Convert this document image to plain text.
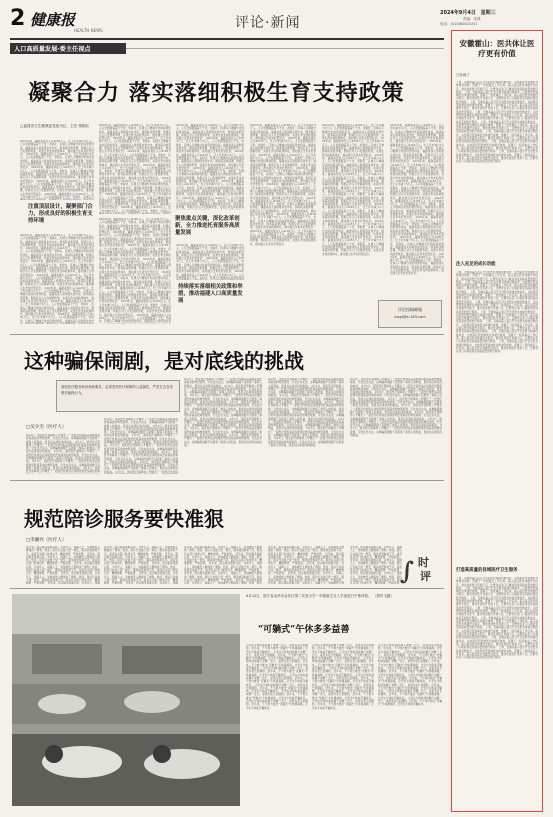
2 健康报
HEALTH NEWS	评论·新闻
2024年9月4日 星期三
责编：宋燕
电话：(010)64621311
人口高质量发展·委主任视点
凝聚合力 落实落细积极生育支持政策
□福建省卫生健康委党组书记、主任 胡娟红
2023年来，福建省常住人口4183万人，比上年末减少5万人。人口发展面临着少子化、老龄化、区域人口增减分化的趋势性特征。福建省深入贯彻落实党中央、国务院决策部署，积极应对人口发展新形势，完善生育支持政策体系，推动建立生育友好型社会。 2023年来，福建省常住人口4183万人，比上年末减少5万人。人口发展面临着少子化、老龄化、区域人口增减分化的趋势性特征。福建省深入贯彻落实党中央、国务院决策部署，积极应对人口发展新形势，完善生育支持政策体系，推动建立生育友好型社会。 2023年来，福建省常住人口4183万人，比上年末减少5万人。人口发展面临着少子化、老龄化、区域人口增减分化的趋势性特征。福建省深入贯彻落实党中央、国务院决策部署，积极应对人口发展新形势，完善生育支持政策体系，推动建立生育友好型社会。 2023年来，福建省常住人口4183万人，比上年末减少5万人。人口发展面临着少子化、老龄化、区域人口增减分化的趋势性特征。福建省深入贯彻落实党中央、国务院决策部署，积极应对人口发展新形势，完善生育支持政策体系，推动建立生育友好型社会。 2023年来，福建省常住人口4183万人，比上年末减少5万人。人口发展面临着少子化、老龄化、区域人口
注重顶层设计，凝聚部门合力，形成良好的积极生育支持环境
2023年来，福建省常住人口4183万人，比上年末减少5万人。人口发展面临着少子化、老龄化、区域人口增减分化的趋势性特征。福建省深入贯彻落实党中央、国务院决策部署，积极应对人口发展新形势，完善生育支持政策体系，推动建立生育友好型社会。 2023年来，福建省常住人口4183万人，比上年末减少5万人。人口发展面临着少子化、老龄化、区域人口增减分化的趋势性特征。福建省深入贯彻落实党中央、国务院决策部署，积极应对人口发展新形势，完善生育支持政策体系，推动建立生育友好型社会。 2023年来，福建省常住人口4183万人，比上年末减少5万人。人口发展面临着少子化、老龄化、区域人口增减分化的趋势性特征。福建省深入贯彻落实党中央、国务院决策部署，积极应对人口发展新形势，完善生育支持政策体系，推动建立生育友好型社会。 2023年来，福建省常住人口4183万人，比上年末减少5万人。人口发展面临着少子化、老龄化、区域人口增减分化的趋势性特征。福建省深入贯彻落实党中央、国务院决策部署，积极应对人口发展新形势，完善生育支持政策体系，推动建立生育友好型社会。 2023年来，福建省常住人口4183万人，比上年末减少5万人。人口发展面临着少子化、老龄化、区域人口增减分化的趋势性特征。福建省深入贯彻落实党中央、国务院决策部署，积极应对人口发展新形势，完善生育支持政策体系，推动建立生育友好型社会。 2023年来，福建省常住人口4183万人，比上年末减少5万人。人口发展面临着少子化、老龄化、区域人口增减分化的趋势性特征。福建省深入贯彻落实党中央、国务院决策部署，积极应对人口发展新形势，完善生育支持政策体系，推动建立生育友好型社会。 2023年来，福建省常住人口4183万人，比上年末减少5万人。人口发展面临着少子化、老龄化、区域人口增减分化的趋势性特征。福建省深入贯彻落实党中
2023年来，福建省常住人口4183万人，比上年末减少5万人。人口发展面临着少子化、老龄化、区域人口增减分化的趋势性特征。福建省深入贯彻落实党中央、国务院决策部署，积极应对人口发展新形势，完善生育支持政策体系，推动建立生育友好型社会。 2023年来，福建省常住人口4183万人，比上年末减少5万人。人口发展面临着少子化、老龄化、区域人口增减分化的趋势性特征。福建省深入贯彻落实党中央、国务院决策部署，积极应对人口发展新形势，完善生育支持政策体系，推动建立生育友好型社会。 2023年来，福建省常住人口4183万人，比上年末减少5万人。人口发展面临着少子化、老龄化、区域人口增减分化的趋势性特征。福建省深入贯彻落实党中央、国务院决策部署，积极应对人口发展新形势，完善生育支持政策体系，推动建立生育友好型社会。 2023年来，福建省常住人口4183万人，比上年末减少5万人。人口发展面临着少子化、老龄化、区域人口增减分化的趋势性特征。福建省深入贯彻落实党中央、国务院决策部署，积极应对人口发展新形势，完善生育支持政策体系，推动建立生育友好型社会。 2023年来，福建省常住人口4183万人，比上年末减少5万人。人口发展面临着少子化、老龄化、区域人口增减分化的趋势性特征。福建省深入贯彻落实党中央、国务院决策部署，积极应对人口发展新形势，完善生育支持政策体系，推动建立生育友好型社会。 2023年来，福建省常住人口4183万人，比上年末减少5万人。人口发展面临着少子化、老龄化、区域人口增减分化的趋势性特征。福建省深入贯彻落实党中央、国务院决策部署，积极应对人口发展新形势，完善生育支持政策体系，推动建立生育友好型社会。 2023年来，福建省常住人口4183万人，比上年末减少5万人。人口发展面临着少子化、老龄化、区域人口
聚焦重点关键，深化改革创新，全力推进托育服务高质量发展
2023年来，福建省常住人口4183万人，比上年末减少5万人。人口发展面临着少子化、老龄化、区域人口增减分化的趋势性特征。福建省深入贯彻落实党中央、国务院决策部署，积极应对人口发展新形势，完善生育支持政策体系，推动建立生育友好型社会。 2023年来，福建省常住人口4183万人，比上年末减少5万人。人口发展面临着少子化、老龄化、区域人口增减分化的趋势性特征。福建省深入贯彻落实党中央、国务院决策部署，积极应对人口发展新形势，完善生育支持政策体系，推动建立生育友好型社会。 2023年来，福建省常住人口4183万人，比上年末减少5万人。人口发展面临着少子化、老龄化、区域人口增减分化的趋势性特征。福建省深入贯彻落实党中央、国务院决策部署，积极应对人口发展新形势，完善生育支持政策体系，推动建立生育友好型社会。 2023年来，福建省常住人口4183万人，比上年末减少5万人。人口发展面临着少子化、老龄化、区域人口增减分化的趋势性特征。福建省深入贯彻落实党中央、国务院决策部署，积极应对人口发展新形势，完善生育支持政策体系，推动建立生育友好型社会。 2023年来，福建省常住人口4183万人，比上年末减少5万人。人口发展面临着少子化、老龄化、区域人口增减分化的趋势性特征。福建省深入贯彻落实党中央、国务院决策部署，积极应对人口发展新形势，完善生育支持政策体系，推动建立生育友好型社会。 2023年来，福建省常住人口4183万人，比上年末减少5万人。人口发展面临着少子化、老龄化、区域人口增减分化的趋势性特征。福建省深入贯彻落实党中央、国务院决策部署，积极应对人口发展新形势，完善生育支持政策体系，推动建立生育友好型社会。 2023年来，福建省常住人口4183万人，比上年末减少5万人。人口发展面临着少子化、老龄化、区域人口增减分化的趋势性特征。福建省深入贯彻落实党中央、国务院决策部署，积极应对人口发展新形势，完善生育支持政策体系，推动建立生育友好型社会。 2023年来，福建省常住人口4183万人，比上年末减少5万人。人口发展面临着少子化、老龄化、区域人口增减分化的趋势性特征。福建省深入贯彻落实党
2023年来，福建省常住人口4183万人，比上年末减少5万人。人口发展面临着少子化、老龄化、区域人口增减分化的趋势性特征。福建省深入贯彻落实党中央、国务院决策部署，积极应对人口发展新形势，完善生育支持政策体系，推动建立生育友好型社会。 2023年来，福建省常住人口4183万人，比上年末减少5万人。人口发展面临着少子化、老龄化、区域人口增减分化的趋势性特征。福建省深入贯彻落实党中央、国务院决策部署，积极应对人口发展新形势，完善生育支持政策体系，推动建立生育友好型社会。 2023年来，福建省常住人口4183万人，比上年末减少5万人。人口发展面临着少子化、老龄化、区域人口增减分化的趋势性特征。福建省深入贯彻落实党中央、国务院决策部署，积极应对人口发展新形势，完善生育支持政策体系，推动建立生育友好型社会。 2023年来，福建省常住人口4183万人，比上年末减少5万人。人口发展面临着少子化、老龄化、区域人口增减分化的趋势性特征。福建省深入贯彻落实党中央、国务院决策部署，积极应对人口发展新形势，完善生育支持政策体系，推动建立生育友好型社会。 2023年来，福建省常住人口4183万人，比上年末减少5万人。人口发展面临着少子化、老龄化、区域人口增减分化的趋势性特征。福建省深入贯彻落实党中央、国务院决策部署，积极应对人口发展新形势，完善生育支持政策体系，推动建立生育友好型社会。 2023年来，福建省常住人口4183万人，比上年末减少5万人。人口发展面临着少子化、老龄化、区域人口增减分化的趋势性特征。福建省深入贯彻落实党中央、国务院决策部署，积极应对人口发展新形势，完善生育支持政策体
持续落实落细相关政策和举措，推动福建人口高质量发展
2023年来，福建省常住人口4183万人，比上年末减少5万人。人口发展面临着少子化、老龄化、区域人口增减分化的趋势性特征。福建省深入贯彻落实党中央、国务院决策部署，积极应对人口发展新形势，完善生育支持政策体系，推动建立生育友好型社会。 2023年来，福建省常住人口4183万人，比上年末减少5万人。人口发展面临着少子化、老龄化、区域人口增减分化的趋势性特征。福建省深入贯彻落实党中央、国务院决策部署，积极应对人口发展新形势，完善生育支持政策体系，推动建立生育友好型社会。 2023年来，福建省常住人口4183万人，比上年末减少5万人。人口发展面临着少子化、老龄化、区域人口增减分化的趋势性特
2023年来，福建省常住人口4183万人，比上年末减少5万人。人口发展面临着少子化、老龄化、区域人口增减分化的趋势性特征。福建省深入贯彻落实党中央、国务院决策部署，积极应对人口发展新形势，完善生育支持政策体系，推动建立生育友好型社会。 2023年来，福建省常住人口4183万人，比上年末减少5万人。人口发展面临着少子化、老龄化、区域人口增减分化的趋势性特征。福建省深入贯彻落实党中央、国务院决策部署，积极应对人口发展新形势，完善生育支持政策体系，推动建立生育友好型社会。 2023年来，福建省常住人口4183万人，比上年末减少5万人。人口发展面临着少子化、老龄化、区域人口增减分化的趋势性特征。福建省深入贯彻落实党中央、国务院决策部署，积极应对人口发展新形势，完善生育支持政策体系，推动建立生育友好型社会。 2023年来，福建省常住人口4183万人，比上年末减少5万人。人口发展面临着少子化、老龄化、区域人口增减分化的趋势性特征。福建省深入贯彻落实党中央、国务院决策部署，积极应对人口发展新形势，完善生育支持政策体系，推动建立生育友好型社会。 2023年来，福建省常住人口4183万人，比上年末减少5万人。人口发展面临着少子化、老龄化、区域人口增减分化的趋势性特征。福建省深入贯彻落实党中央、国务院决策部署，积极应对人口发展新形势，完善生育支持政策体系，推动建立生育友好型社会。 2023年来，福建省常住人口4183万人，比上年末减少5万人。人口发展面临着少子化、老龄化、区域人口增减分化的趋势性特征。福建省深入贯彻落实党中央、国务院决策部署，积极应对人口发展新形势，完善生育支持政策体系，推动建立生育友好型社会。 2023年来，福建省常住人口4183万人，比上年末减少5万人。人口发展面临着少子化、老龄化、区域人口增减分化的趋势性特征。福建省深入贯彻落实党中央、国务院决策部署，积极应对人口发展新形势，完善生育支持政策体系，推动建立生育友好型社会。 2023年来，福建省常住人口4183万人，比上年末减少5万人。人口发展面临着少子化、老龄化、区域人口增减分化的趋势性特征。福建省深入贯彻落实党中央、国务院决策部署，积极应对人口发展新形势，完善生育支持政策体系，推动建立生育友好型社会。
2023年来，福建省常住人口4183万人，比上年末减少5万人。人口发展面临着少子化、老龄化、区域人口增减分化的趋势性特征。福建省深入贯彻落实党中央、国务院决策部署，积极应对人口发展新形势，完善生育支持政策体系，推动建立生育友好型社会。 2023年来，福建省常住人口4183万人，比上年末减少5万人。人口发展面临着少子化、老龄化、区域人口增减分化的趋势性特征。福建省深入贯彻落实党中央、国务院决策部署，积极应对人口发展新形势，完善生育支持政策体系，推动建立生育友好型社会。 2023年来，福建省常住人口4183万人，比上年末减少5万人。人口发展面临着少子化、老龄化、区域人口增减分化的趋势性特征。福建省深入贯彻落实党中央、国务院决策部署，积极应对人口发展新形势，完善生育支持政策体系，推动建立生育友好型社会。 2023年来，福建省常住人口4183万人，比上年末减少5万人。人口发展面临着少子化、老龄化、区域人口增减分化的趋势性特征。福建省深入贯彻落实党中央、国务院决策部署，积极应对人口发展新形势，完善生育支持政策体系，推动建立生育友好型社会。 2023年来，福建省常住人口4183万人，比上年末减少5万人。人口发展面临着少子化、老龄化、区域人口增减分化的趋势性特征。福建省深入贯彻落实党中央、国务院决策部署，积极应对人口发展新形势，完善生育支持政策体系，推动建立生育友好型社会。 2023年来，福建省常住人口4183万人，比上年末减少5万人。人口发展面临着少子化、老龄化、区域人口增减分化的趋势性特征。福建省深入贯彻落实党中央、国务院决策部署，积极应对人口发展新形势，完善生育支持政策体系，推动建立生育友好型社会。 2023年来，福建省常住人口4183万人，比上年末减少5万人。人口发展面临着少子化、老龄化、区域人口增减分化的趋势性特征。福建省深入贯彻落实党中央、国务院决策部署，积极应对人口发展新形势，完善生育支持政策体系，推动建立生育友好型社会。 2023年来，福建省常住人口4183万人，比上年末减少5万人。人口发展面临着少子化、老龄化、区域人口增减分化的趋势性特征。福建省深入贯彻落实党中央、国务院决策部署，积极应对人口发展新形势，完善生育支持政策体系，推动建立生育友好型社会。
2023年来，福建省常住人口4183万人，比上年末减少5万人。人口发展面临着少子化、老龄化、区域人口增减分化的趋势性特征。福建省深入贯彻落实党中央、国务院决策部署，积极应对人口发展新形势，完善生育支持政策体系，推动建立生育友好型社会。 2023年来，福建省常住人口4183万人，比上年末减少5万人。人口发展面临着少子化、老龄化、区域人口增减分化的趋势性特征。福建省深入贯彻落实党中央、国务院决策部署，积极应对人口发展新形势，完善生育支持政策体系，推动建立生育友好型社会。 2023年来，福建省常住人口4183万人，比上年末减少5万人。人口发展面临着少子化、老龄化、区域人口增减分化的趋势性特征。福建省深入贯彻落实党中央、国务院决策部署，积极应对人口发展新形势，完善生育支持政策体系，推动建立生育友好型社会。 2023年来，福建省常住人口4183万人，比上年末减少5万人。人口发展面临着少子化、老龄化、区域人口增减分化的趋势性特征。福建省深入贯彻落实党中央、国务院决策部署，积极应对人口发展新形势，完善生育支持政策体系，推动建立生育友好型社会。 2023年来，福建省常住人口4183万人，比上年末减少5万人。人口发展面临着少子化、老龄化、区域人口增减分化的趋势性特征。福建省深入贯彻落实党中央、国务院决策部署，积极应对人口发展新形势，完善生育支持政策体系，推动建立生育友好型社会。 2023年来，福建省常住人口4183万人，比上年末减少5万人。人口发展面临着少子化、老龄化、区域人口增减分化的趋势性特征。福建省深入贯彻落实党中央、国务院决策部署，积极应对人口发展新形势，完善生育支持政策体系，推动建立生育友好型社会。 2023年来，福建省常住人口4183万人，比上年末减少5万人。人口发展面临着少子化、老龄化、区域人口增减分化的趋势性特征。福建省深入贯彻落实党中央、国务院决策部署，积极应对人口发展新形势，完善生育支持政策体系，推动建立生育友好型社会。 2023年来，福建省常住人口4183万人，比上年末减少5万人。人口发展面临着少子化、老龄化、区域人口增减分化的趋势性特征。福建省深入贯彻落实党中央、国务院决策部署，积极应对人口发展新形势，完善生育支持政策体系，推动建立生育友好型社会。
评论投稿邮箱
mzpl@e-163.com
这种骗保闹剧，是对底线的挑战
面临医疗服务新形势新要求，必须坚持医疗保障的公益属性，严厉打击各类欺诈骗保行为。
□吴少杰（医疗人）
9月3日，国家医疗保障局公开曝光了一起医疗机构违法违规使用医保基金的典型案例，引发社会关注。这种骗保闹剧不仅损害了参保人的利益，更是对法律底线的挑战。 9月3日，国家医疗保障局公开曝光了一起医疗机构违法违规使用医保基金的典型案例，引发社会关注。这种骗保闹剧不仅损害了参保人的利益，更是对法律底线的挑战。 9月3日，国家医疗保障局公开曝光了一起医疗机构违法违规使用医保基金的典型案例，引发社会关注。这种骗保闹剧不仅损害了参保人的利益，更是对法律底线的挑战。 9月3日，国家医疗保障局公开曝光了一起医疗机构违法违规使用医保基金的典型案例，引发社会关注。这种骗保闹剧不仅损害了参保人的利益，更是对法律底线的挑战。 9月3日，国家医疗保障局公开曝光了一起医疗机构违法违规使用医保基金的典
9月3日，国家医疗保障局公开曝光了一起医疗机构违法违规使用医保基金的典型案例，引发社会关注。这种骗保闹剧不仅损害了参保人的利益，更是对法律底线的挑战。 9月3日，国家医疗保障局公开曝光了一起医疗机构违法违规使用医保基金的典型案例，引发社会关注。这种骗保闹剧不仅损害了参保人的利益，更是对法律底线的挑战。 9月3日，国家医疗保障局公开曝光了一起医疗机构违法违规使用医保基金的典型案例，引发社会关注。这种骗保闹剧不仅损害了参保人的利益，更是对法律底线的挑战。 9月3日，国家医疗保障局公开曝光了一起医疗机构违法违规使用医保基金的典型案例，引发社会关注。这种骗保闹剧不仅损害了参保人的利益，更是对法律底线的挑战。 9月3日，国家医疗保障局公开曝光了一起医疗机构违法违规使用医保基金的典型案例，引发社会关注。这种骗保闹剧不仅损害了参保人的利益，更是对法律底线的挑战。 9月3日，国家医疗保障局公开曝光了一起医疗机构违法违规使用医保基金的典型案例，引发社会关注。这种骗保闹剧不仅损害了参保人的利益，更是对法律底线的挑战。 9月3日，国家医疗保障局公开曝光了一起医疗机构违
9月3日，国家医疗保障局公开曝光了一起医疗机构违法违规使用医保基金的典型案例，引发社会关注。这种骗保闹剧不仅损害了参保人的利益，更是对法律底线的挑战。 9月3日，国家医疗保障局公开曝光了一起医疗机构违法违规使用医保基金的典型案例，引发社会关注。这种骗保闹剧不仅损害了参保人的利益，更是对法律底线的挑战。 9月3日，国家医疗保障局公开曝光了一起医疗机构违法违规使用医保基金的典型案例，引发社会关注。这种骗保闹剧不仅损害了参保人的利益，更是对法律底线的挑战。 9月3日，国家医疗保障局公开曝光了一起医疗机构违法违规使用医保基金的典型案例，引发社会关注。这种骗保闹剧不仅损害了参保人的利益，更是对法律底线的挑战。 9月3日，国家医疗保障局公开曝光了一起医疗机构违法违规使用医保基金的典型案例，引发社会关注。这种骗保闹剧不仅损害了参保人的利益，更是对法律底线的挑战。 9月3日，国家医疗保障局公开曝光了一起医疗机构违法违规使用医保基金的典型案例，引发社会关注。这种骗保闹剧不仅损害了参保人的利益，更是对法律底线的挑战。 9月3日，国家医疗保障局公开曝光了一起医疗机构违法违规使用医保基金的典型案例，引发社会关注。这种骗保闹剧不仅损害了参保人的利益，更是对法律底线的挑战。 9月3日，国家医疗保障局公开曝光了一起医疗机构违法违规使用医保基金的典型案例，引发社会关注。这种骗保闹剧不仅损害了参保人的利益，更是对法律底线的挑战。
9月3日，国家医疗保障局公开曝光了一起医疗机构违法违规使用医保基金的典型案例，引发社会关注。这种骗保闹剧不仅损害了参保人的利益，更是对法律底线的挑战。 9月3日，国家医疗保障局公开曝光了一起医疗机构违法违规使用医保基金的典型案例，引发社会关注。这种骗保闹剧不仅损害了参保人的利益，更是对法律底线的挑战。 9月3日，国家医疗保障局公开曝光了一起医疗机构违法违规使用医保基金的典型案例，引发社会关注。这种骗保闹剧不仅损害了参保人的利益，更是对法律底线的挑战。 9月3日，国家医疗保障局公开曝光了一起医疗机构违法违规使用医保基金的典型案例，引发社会关注。这种骗保闹剧不仅损害了参保人的利益，更是对法律底线的挑战。 9月3日，国家医疗保障局公开曝光了一起医疗机构违法违规使用医保基金的典型案例，引发社会关注。这种骗保闹剧不仅损害了参保人的利益，更是对法律底线的挑战。 9月3日，国家医疗保障局公开曝光了一起医疗机构违法违规使用医保基金的典型案例，引发社会关注。这种骗保闹剧不仅损害了参保人的利益，更是对法律底线的挑战。 9月3日，国家医疗保障局公开曝光了一起医疗机构违法违规使用医保基金的典型案例，引发社会关注。这种骗保闹剧不仅损害了参保人的利益，更是对法律底线的挑战。 9月3日，国家医疗保障局公开曝光了一起医疗机构违法违规使用医保基金的典型案例，引发社会关注。这种骗保闹剧不仅损害了参保人的利益，更是对法律底线的挑战。
9月3日，国家医疗保障局公开曝光了一起医疗机构违法违规使用医保基金的典型案例，引发社会关注。这种骗保闹剧不仅损害了参保人的利益，更是对法律底线的挑战。 9月3日，国家医疗保障局公开曝光了一起医疗机构违法违规使用医保基金的典型案例，引发社会关注。这种骗保闹剧不仅损害了参保人的利益，更是对法律底线的挑战。 9月3日，国家医疗保障局公开曝光了一起医疗机构违法违规使用医保基金的典型案例，引发社会关注。这种骗保闹剧不仅损害了参保人的利益，更是对法律底线的挑战。 9月3日，国家医疗保障局公开曝光了一起医疗机构违法违规使用医保基金的典型案例，引发社会关注。这种骗保闹剧不仅损害了参保人的利益，更是对法律底线的挑战。 9月3日，国家医疗保障局公开曝光了一起医疗机构违法违规使用医保基金的典型案例，引发社会关注。这种骗保闹剧不仅损害了参保人的利益，更是对法律底线的挑战。 9月3日，国家医疗保障局公开曝光了一起医疗机构违法违规使用医保基金的典型案例，引发社会关注。这种骗保闹剧不仅损害了参保人的利益，更是对法律底线的挑战。 9月3日，国家医疗保障局公开曝光了一起医疗机构违法违规使用医保基金的典型案例，引发社会关注。这种骗保闹剧不仅损害了参保人的利益，更是对法律底线的挑战。 9月3日，国家医疗保障局公开曝光了一起医疗机构违法违规使用医保基金的典型案例，引发社会关注。这种骗保闹剧不仅损害了参保人的利益，更是对法律底线的挑战。
规范陪诊服务要快准狠
□李湘亮（医疗人）
近年来，陪诊服务逐渐兴起，为老年人、残障人士、异地就医人群提供了便利。然而，陪诊行业缺乏统一规范，服务质量参差不齐，亟需有关部门快速出手、精准施策、严格监管。 近年来，陪诊服务逐渐兴起，为老年人、残障人士、异地就医人群提供了便利。然而，陪诊行业缺乏统一规范，服务质量参差不齐，亟需有关部门快速出手、精准施策、严格监管。 近年来，陪诊服务逐渐兴起，为老年人、残障人士、异地就医人群提供了便利。然而，陪诊行业缺乏统一规范，服务质量参差不齐，亟需有关部门快速出手、精准施策、严格监管。 近年来，陪诊服务逐渐兴起，为老年人、残障人士、异地就医人群提供了便利。然而，陪诊行业缺乏统一规范，服务质量参差不齐，亟需有关部门快速出手、精准施策、严格监管。 近年来，陪诊服务逐渐兴起，为老年人、残障
近年来，陪诊服务逐渐兴起，为老年人、残障人士、异地就医人群提供了便利。然而，陪诊行业缺乏统一规范，服务质量参差不齐，亟需有关部门快速出手、精准施策、严格监管。 近年来，陪诊服务逐渐兴起，为老年人、残障人士、异地就医人群提供了便利。然而，陪诊行业缺乏统一规范，服务质量参差不齐，亟需有关部门快速出手、精准施策、严格监管。 近年来，陪诊服务逐渐兴起，为老年人、残障人士、异地就医人群提供了便利。然而，陪诊行业缺乏统一规范，服务质量参差不齐，亟需有关部门快速出手、精准施策、严格监管。 近年来，陪诊服务逐渐兴起，为老年人、残障人士、异地就医人群提供了便利。然而，陪诊行业缺乏统一规范，服务质量参差不齐，亟需有关部门快速出手、精准施策、严格监管。 近年来，陪诊服务逐渐兴起，为老年人、残障
近年来，陪诊服务逐渐兴起，为老年人、残障人士、异地就医人群提供了便利。然而，陪诊行业缺乏统一规范，服务质量参差不齐，亟需有关部门快速出手、精准施策、严格监管。 近年来，陪诊服务逐渐兴起，为老年人、残障人士、异地就医人群提供了便利。然而，陪诊行业缺乏统一规范，服务质量参差不齐，亟需有关部门快速出手、精准施策、严格监管。 近年来，陪诊服务逐渐兴起，为老年人、残障人士、异地就医人群提供了便利。然而，陪诊行业缺乏统一规范，服务质量参差不齐，亟需有关部门快速出手、精准施策、严格监管。 近年来，陪诊服务逐渐兴起，为老年人、残障人士、异地就医人群提供了便利。然而，陪诊行业缺乏统一规范，服务质量参差不齐，亟需有关部门快速出手、精准施策、严格监管。 近年来，陪诊服务逐渐兴起，为老年人、残障人士、异地就医人群提供了便利。然而，陪诊
近年来，陪诊服务逐渐兴起，为老年人、残障人士、异地就医人群提供了便利。然而，陪诊行业缺乏统一规范，服务质量参差不齐，亟需有关部门快速出手、精准施策、严格监管。 近年来，陪诊服务逐渐兴起，为老年人、残障人士、异地就医人群提供了便利。然而，陪诊行业缺乏统一规范，服务质量参差不齐，亟需有关部门快速出手、精准施策、严格监管。 近年来，陪诊服务逐渐兴起，为老年人、残障人士、异地就医人群提供了便利。然而，陪诊行业缺乏统一规范，服务质量参差不齐，亟需有关部门快速出手、精准施策、严格监管。 近年来，陪诊服务逐渐兴起，为老年人、残障人士、异地就医人群提供了便利。然而，陪诊行业缺乏统一规范，服务质量参差不齐，亟需有关部门快速出手、精准施策、严格监管。 近年来，陪诊服务逐渐兴起，为老年人、残障人士、异地就医人群
近年来，陪诊服务逐渐兴起，为老年人、残障人士、异地就医人群提供了便利。然而，陪诊行业缺乏统一规范，服务质量参差不齐，亟需有关部门快速出手、精准施策、严格监管。 近年来，陪诊服务逐渐兴起，为老年人、残障人士、异地就医人群提供了便利。然而，陪诊行业缺乏统一规范，服务质量参差不齐，亟需有关部门快速出手、精准施策、严格监管。 近年来，陪诊服务逐渐兴起，为老年人、残障人士、异地就医人群提供了便利。然而，陪诊行业缺乏统一规范，服务质量参差不齐，亟需有关部门快速出手、精准施策、严格监管。
∫ 时
评
8月23日，浙江省金华市金东区第二实验小学一年级新生在入学前进行午休体验。 （胡肖飞摄）
“可躺式”午休多多益善
小学生午休时间能躺下来睡一会儿，是很多家长的期盼。近年来，不少地方推出“可躺式”午休课桌椅，让学生午休能平躺休息。 小学生午休时间能躺下来睡一会儿，是很多家长的期盼。近年来，不少地方推出“可躺式”午休课桌椅，让学生午休能平躺休息。 小学生午休时间能躺下来睡一会儿，是很多家长的期盼。近年来，不少地方推出“可躺式”午休课桌椅，让学生午休能平躺休息。 小学生午休时间能躺下来睡一会儿，是很多家长的期盼。近年来，不少地方推出“可躺式”午休课桌椅，让学生午休能平躺休息。 小学生午休时间能躺下来睡一会儿，是很多家长的期盼。近年来，不少地方推出“可躺式”午休课桌椅，让学生午休能平躺休息。 小学生午休时间能躺下来睡一会儿，是很多家长的期盼。近年来，不少地方推出“可躺式”午休课桌椅，让学生午休能平躺休息。 小学生午休时间能躺下来睡一会儿，是很多家长的期盼。近年来，不少地方推出“可躺式”午休课桌椅，让学生午休能平躺休息。 小学生午休时间能躺下来睡一会儿，是很多家长的期盼。近年来，不少地方推出“可躺式”午休课桌椅，让学生午休能平躺休息。
小学生午休时间能躺下来睡一会儿，是很多家长的期盼。近年来，不少地方推出“可躺式”午休课桌椅，让学生午休能平躺休息。 小学生午休时间能躺下来睡一会儿，是很多家长的期盼。近年来，不少地方推出“可躺式”午休课桌椅，让学生午休能平躺休息。 小学生午休时间能躺下来睡一会儿，是很多家长的期盼。近年来，不少地方推出“可躺式”午休课桌椅，让学生午休能平躺休息。 小学生午休时间能躺下来睡一会儿，是很多家长的期盼。近年来，不少地方推出“可躺式”午休课桌椅，让学生午休能平躺休息。 小学生午休时间能躺下来睡一会儿，是很多家长的期盼。近年来，不少地方推出“可躺式”午休课桌椅，让学生午休能平躺休息。 小学生午休时间能躺下来睡一会儿，是很多家长的期盼。近年来，不少地方推出“可躺式”午休课桌椅，让学生午休能平躺休息。 小学生午休时间能躺下来睡一会儿，是很多家长的期盼。近年来，不少地方推出“可躺式”午休课桌椅，让学生午休能平躺休息。 小学生午休时间能躺下来睡一会儿，是很多家长的期盼。近年来，不少地方推出“可躺式”午休课桌椅，让学生午休能平躺休息。
小学生午休时间能躺下来睡一会儿，是很多家长的期盼。近年来，不少地方推出“可躺式”午休课桌椅，让学生午休能平躺休息。 小学生午休时间能躺下来睡一会儿，是很多家长的期盼。近年来，不少地方推出“可躺式”午休课桌椅，让学生午休能平躺休息。 小学生午休时间能躺下来睡一会儿，是很多家长的期盼。近年来，不少地方推出“可躺式”午休课桌椅，让学生午休能平躺休息。 小学生午休时间能躺下来睡一会儿，是很多家长的期盼。近年来，不少地方推出“可躺式”午休课桌椅，让学生午休能平躺休息。 小学生午休时间能躺下来睡一会儿，是很多家长的期盼。近年来，不少地方推出“可躺式”午休课桌椅，让学生午休能平躺休息。 小学生午休时间能躺下来睡一会儿，是很多家长的期盼。近年来，不少地方推出“可躺式”午休课桌椅，让学生午休能平躺休息。 小学生午休时间能躺下来睡一会儿，是很多家长的期盼。近年来，不少地方推出“可躺式”午休课桌椅，让学生午休能平躺休息。 小学生午休时间能躺下来睡一会儿，是很多家长的期盼。近年来，不少地方推出“可躺式”午休课桌椅，让学生午休能平躺休息。
安徽霍山：医共体让医疗更有价值
□孙雨丁
上周，安徽省霍山县召开全县医共体建设推进会，总结紧密型县域医共体建设成效，部署下一阶段重点工作任务。霍山县以医共体建设为抓手，推动优质医疗资源下沉，让群众在家门口就能享受到高质量的医疗服务。 上周，安徽省霍山县召开全县医共体建设推进会，总结紧密型县域医共体建设成效，部署下一阶段重点工作任务。霍山县以医共体建设为抓手，推动优质医疗资源下沉，让群众在家门口就能享受到高质量的医疗服务。 上周，安徽省霍山县召开全县医共体建设推进会，总结紧密型县域医共体建设成效，部署下一阶段重点工作任务。霍山县以医共体建设为抓手，推动优质医疗资源下沉，让群众在家门口就能享受到高质量的医疗服务。 上周，安徽省霍山县召开全县医共体建设推进会，总结紧密型县域医共体建设成效，部署下一阶段重点工作任务。霍山县以医共体建设为抓手，推动优质医疗资源下沉，让群众在家门口就能享受到高质量的医疗服务。 上周，安徽省霍山县召开全县医共体建设推进会，总结紧密型县域医共体建设成效，部署下一阶段重点工作任务。霍山县以医共体建设为抓手，推动优质医疗资源下沉，让群众在家门口就能享受到高质量的医疗服务。 上周，安徽省霍山县召开全县医共体建设推进会，总结紧密型县域医共体建设成效，部署下一阶段重点工作任务。霍山县以医共体建设为抓手，推动优质医疗资源下沉，让群众在家门口就能享受到高质量的医疗服务。 上周，安徽省霍山县召开全县医共体建设推进会，总结紧密型县域医共体建设成效，部署下一阶段重点工作任务。霍山县以医共体建设为抓手，推动优质医疗资源下沉，让群众在家门口就能享受到高质量的医疗服务。 上周，安徽省霍山县召开全县医共体建设推进会，总结紧密型县域医共体建设成效，部署下一阶段重点工作任务。霍山县以医共体建设为抓手，推动优质医疗资源下沉，让群众在家门口就能享受到高质量的医疗服务。
注入充足的成长动能
上周，安徽省霍山县召开全县医共体建设推进会，总结紧密型县域医共体建设成效，部署下一阶段重点工作任务。霍山县以医共体建设为抓手，推动优质医疗资源下沉，让群众在家门口就能享受到高质量的医疗服务。 上周，安徽省霍山县召开全县医共体建设推进会，总结紧密型县域医共体建设成效，部署下一阶段重点工作任务。霍山县以医共体建设为抓手，推动优质医疗资源下沉，让群众在家门口就能享受到高质量的医疗服务。 上周，安徽省霍山县召开全县医共体建设推进会，总结紧密型县域医共体建设成效，部署下一阶段重点工作任务。霍山县以医共体建设为抓手，推动优质医疗资源下沉，让群众在家门口就能享受到高质量的医疗服务。 上周，安徽省霍山县召开全县医共体建设推进会，总结紧密型县域医共体建设成效，部署下一阶段重点工作任务。霍山县以医共体建设为抓手，推动优质医疗资源下沉，让群众在家门口就能享受到高质量的医疗服务。 上周，安徽省霍山县召开全县医共体建设推进会，总结紧密型县域医共体建设成效，部署下一阶段重点工作任务。霍山县以医共体建设为抓手，推动优质医疗资源下沉，让群众在家门口就能享受到高质量的医疗服务。 上周，安徽省霍山县召开全县医共体建设推进会，总结紧密型县域医共体建设成效，部署下一阶段重点工作任务。霍山县以医共体建设为抓手，推动优质医疗资源下沉，让群众在家门口就能享受到高质量的医疗服务。 上周，安徽省霍山县召开全县医共体建设推进会，总结紧密型县域医共体建设成效，部署下一阶段重点工作任务。霍山县以医共体建设为抓手，推动优质医疗资源下沉，让群众在家门口就能享受到高质量的医疗服务。 上周，安徽省霍山县召开全县医共体建设推进会，总结紧密型县域医共体建设成效，部署下一阶段重点工作任务。霍山县以医共体建设为抓手，推动优质医疗资源下沉，让群众在家门口就能享受到高质量的医疗服务。
打造高质量的县域医疗卫生服务
上周，安徽省霍山县召开全县医共体建设推进会，总结紧密型县域医共体建设成效，部署下一阶段重点工作任务。霍山县以医共体建设为抓手，推动优质医疗资源下沉，让群众在家门口就能享受到高质量的医疗服务。 上周，安徽省霍山县召开全县医共体建设推进会，总结紧密型县域医共体建设成效，部署下一阶段重点工作任务。霍山县以医共体建设为抓手，推动优质医疗资源下沉，让群众在家门口就能享受到高质量的医疗服务。 上周，安徽省霍山县召开全县医共体建设推进会，总结紧密型县域医共体建设成效，部署下一阶段重点工作任务。霍山县以医共体建设为抓手，推动优质医疗资源下沉，让群众在家门口就能享受到高质量的医疗服务。 上周，安徽省霍山县召开全县医共体建设推进会，总结紧密型县域医共体建设成效，部署下一阶段重点工作任务。霍山县以医共体建设为抓手，推动优质医疗资源下沉，让群众在家门口就能享受到高质量的医疗服务。 上周，安徽省霍山县召开全县医共体建设推进会，总结紧密型县域医共体建设成效，部署下一阶段重点工作任务。霍山县以医共体建设为抓手，推动优质医疗资源下沉，让群众在家门口就能享受到高质量的医疗服务。 上周，安徽省霍山县召开全县医共体建设推进会，总结紧密型县域医共体建设成效，部署下一阶段重点工作任务。霍山县以医共体建设为抓手，推动优质医疗资源下沉，让群众在家门口就能享受到高质量的医疗服务。 上周，安徽省霍山县召开全县医共体建设推进会，总结紧密型县域医共体建设成效，部署下一阶段重点工作任务。霍山县以医共体建设为抓手，推动优质医疗资源下沉，让群众在家门口就能享受到高质量的医疗服务。 上周，安徽省霍山县召开全县医共体建设推进会，总结紧密型县域医共体建设成效，部署下一阶段重点工作任务。霍山县以医共体建设为抓手，推动优质医疗资源下沉，让群众在家门口就能享受到高质量的医疗服务。
